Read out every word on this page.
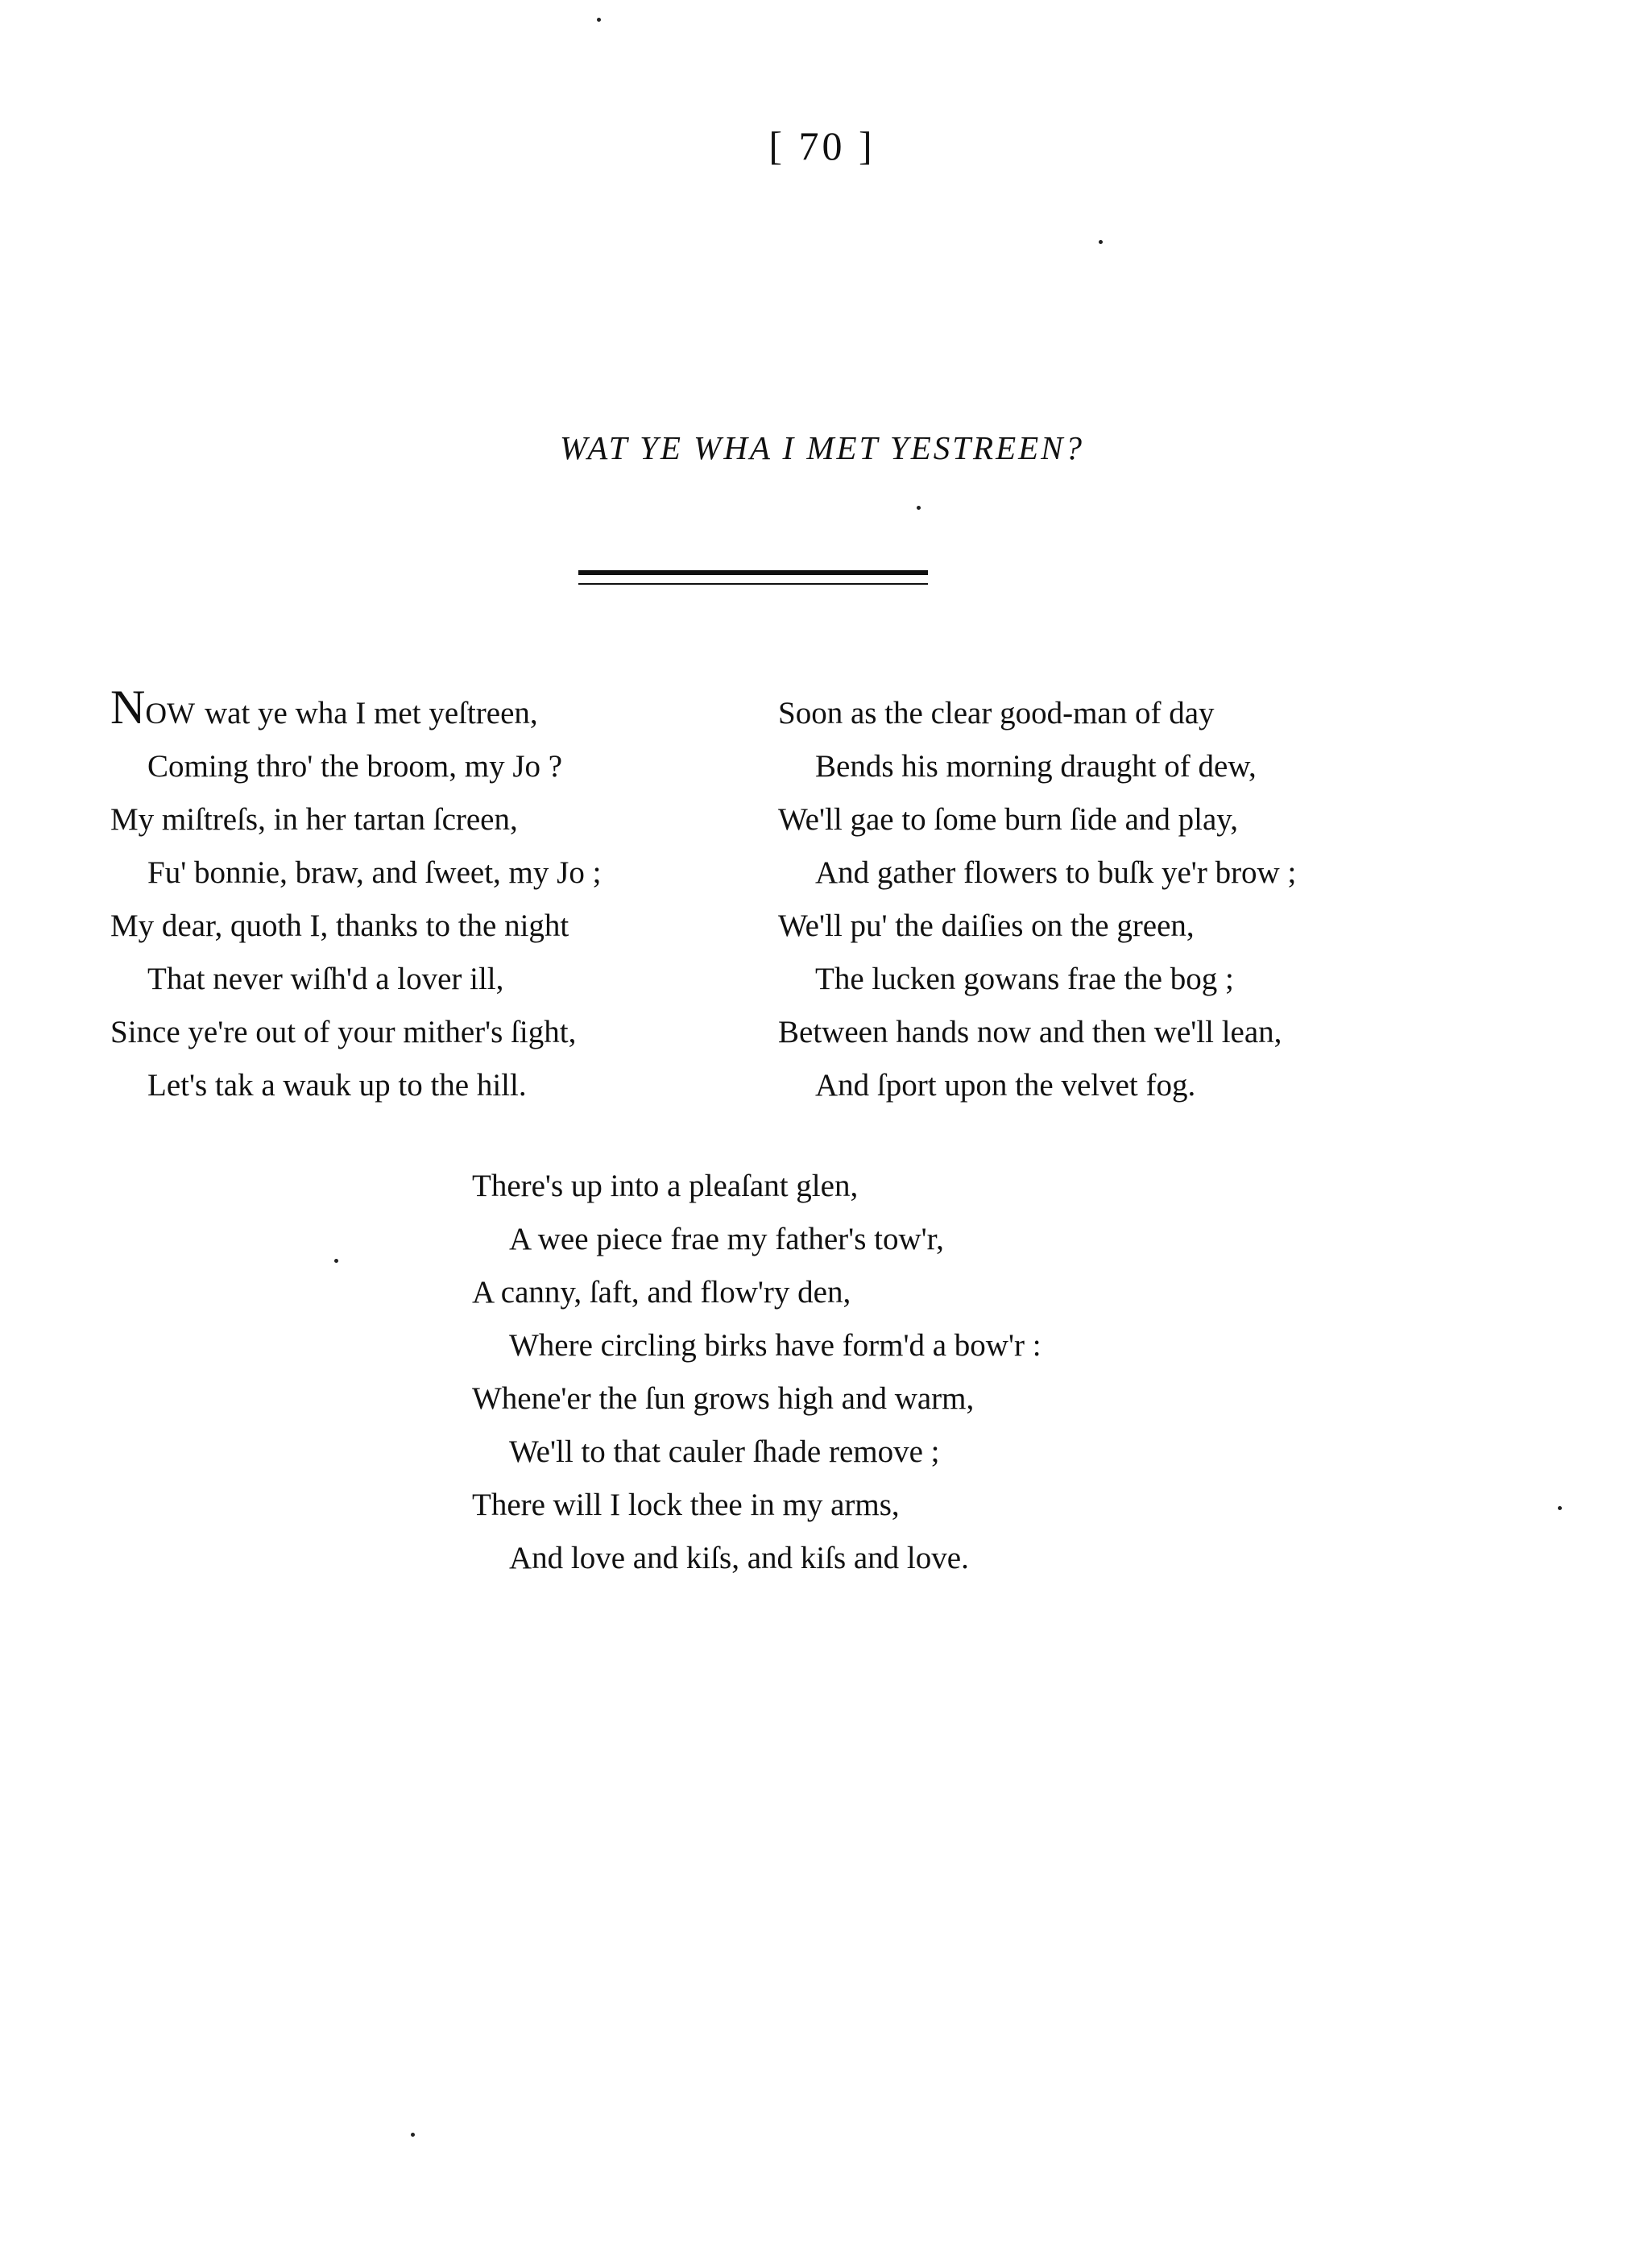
[ 70 ]
WAT YE WHA I MET YESTREEN?
NOW wat ye wha I met yeſtreen,
Coming thro' the broom, my Jo ?
My miſtreſs, in her tartan ſcreen,
Fu' bonnie, braw, and ſweet, my Jo ;
My dear, quoth I, thanks to the night
That never wiſh'd a lover ill,
Since ye're out of your mither's ſight,
Let's tak a wauk up to the hill.
Soon as the clear good-man of day
Bends his morning draught of dew,
We'll gae to ſome burn ſide and play,
And gather flowers to buſk ye'r brow ;
We'll pu' the daiſies on the green,
The lucken gowans frae the bog ;
Between hands now and then we'll lean,
And ſport upon the velvet fog.
There's up into a pleaſant glen,
A wee piece frae my father's tow'r,
A canny, ſaft, and flow'ry den,
Where circling birks have form'd a bow'r :
Whene'er the ſun grows high and warm,
We'll to that cauler ſhade remove ;
There will I lock thee in my arms,
And love and kiſs, and kiſs and love.
